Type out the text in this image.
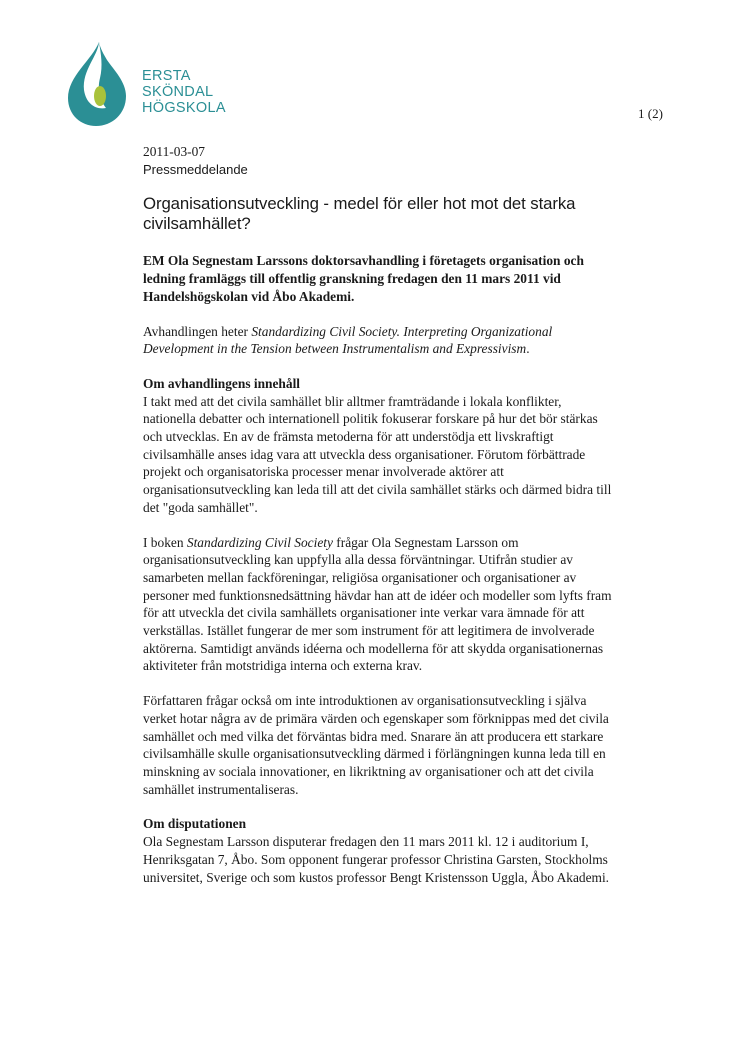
ERSTA
SKÖNDAL
HÖGSKOLA	1 (2)
2011-03-07
Pressmeddelande
Organisationsutveckling - medel för eller hot mot det starka civilsamhället?

EM Ola Segnestam Larssons doktorsavhandling i företagets organisation och ledning framläggs till offentlig granskning fredagen den 11 mars 2011 vid Handelshögskolan vid Åbo Akademi.

Avhandlingen heter Standardizing Civil Society. Interpreting Organizational Development in the Tension between Instrumentalism and Expressivism.

Om avhandlingens innehåll

I takt med att det civila samhället blir alltmer framträdande i lokala konflikter, nationella debatter och internationell politik fokuserar forskare på hur det bör stärkas och utvecklas. En av de främsta metoderna för att understödja ett livskraftigt civilsamhälle anses idag vara att utveckla dess organisationer. Förutom förbättrade projekt och organisatoriska processer menar involverade aktörer att organisationsutveckling kan leda till att det civila samhället stärks och därmed bidra till det "goda samhället".

I boken Standardizing Civil Society frågar Ola Segnestam Larsson om organisationsutveckling kan uppfylla alla dessa förväntningar. Utifrån studier av samarbeten mellan fackföreningar, religiösa organisationer och organisationer av personer med funktionsnedsättning hävdar han att de idéer och modeller som lyfts fram för att utveckla det civila samhällets organisationer inte verkar vara ämnade för att verkställas. Istället fungerar de mer som instrument för att legitimera de involverade aktörerna. Samtidigt används idéerna och modellerna för att skydda organisationernas aktiviteter från motstridiga interna och externa krav.

Författaren frågar också om inte introduktionen av organisationsutveckling i själva verket hotar några av de primära värden och egenskaper som förknippas med det civila samhället och med vilka det förväntas bidra med. Snarare än att producera ett starkare civilsamhälle skulle organisationsutveckling därmed i förlängningen kunna leda till en minskning av sociala innovationer, en likriktning av organisationer och att det civila samhället instrumentaliseras.

Om disputationen

Ola Segnestam Larsson disputerar fredagen den 11 mars 2011 kl. 12 i auditorium I, Henriksgatan 7, Åbo. Som opponent fungerar professor Christina Garsten, Stockholms universitet, Sverige och som kustos professor Bengt Kristensson Uggla, Åbo Akademi.
